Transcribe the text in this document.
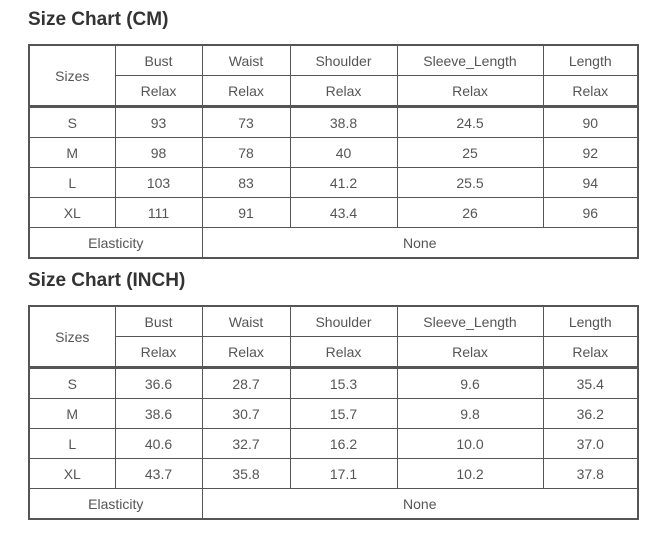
Size Chart (CM)
Sizes	Bust	Waist	Shoulder	Sleeve_Length	Length
	Relax	Relax	Relax	Relax	Relax
S	93	73	38.8	24.5	90
M	98	78	40	25	92
L	103	83	41.2	25.5	94
XL	111	91	43.4	26	96
Elasticity		None			
Size Chart (INCH)
Sizes	Bust	Waist	Shoulder	Sleeve_Length	Length
	Relax	Relax	Relax	Relax	Relax
S	36.6	28.7	15.3	9.6	35.4
M	38.6	30.7	15.7	9.8	36.2
L	40.6	32.7	16.2	10.0	37.0
XL	43.7	35.8	17.1	10.2	37.8
Elasticity		None			
